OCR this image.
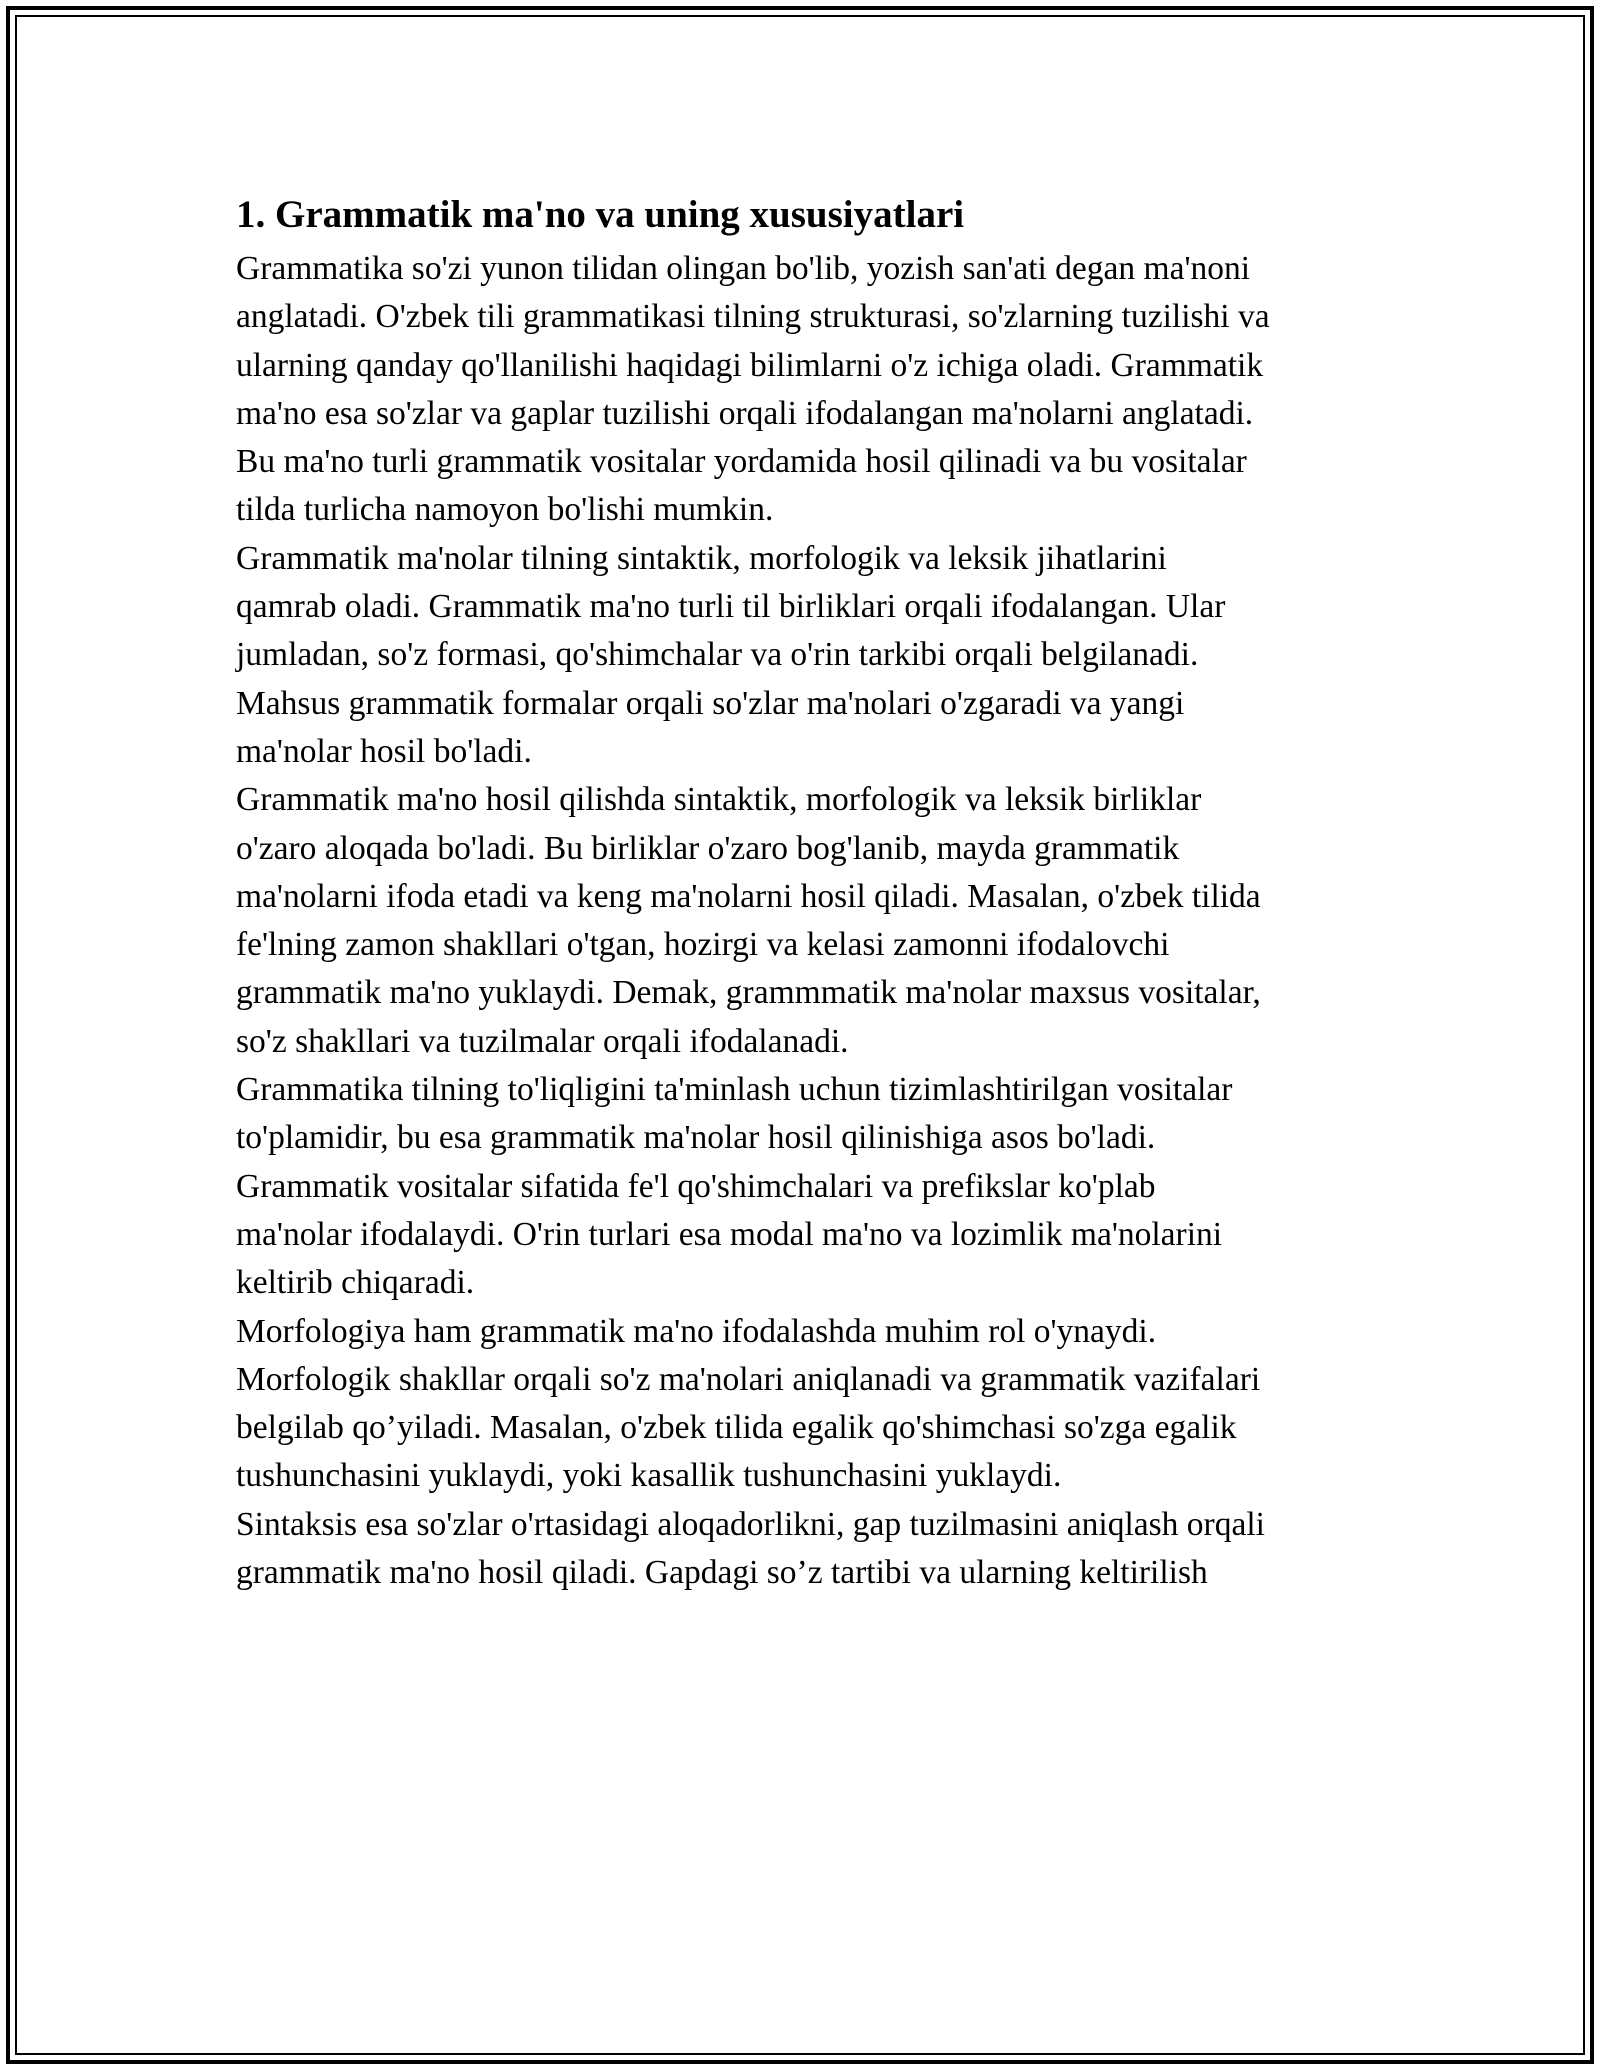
1. Grammatik ma'no va uning xususiyatlari

Grammatika so'zi yunon tilidan olingan bo'lib, yozish san'ati degan ma'noni
anglatadi. O'zbek tili grammatikasi tilning strukturasi, so'zlarning tuzilishi va
ularning qanday qo'llanilishi haqidagi bilimlarni o'z ichiga oladi. Grammatik
ma'no esa so'zlar va gaplar tuzilishi orqali ifodalangan ma'nolarni anglatadi.
Bu ma'no turli grammatik vositalar yordamida hosil qilinadi va bu vositalar
tilda turlicha namoyon bo'lishi mumkin.

Grammatik ma'nolar tilning sintaktik, morfologik va leksik jihatlarini
qamrab oladi. Grammatik ma'no turli til birliklari orqali ifodalangan. Ular
jumladan, so'z formasi, qo'shimchalar va o'rin tarkibi orqali belgilanadi.
Mahsus grammatik formalar orqali so'zlar ma'nolari o'zgaradi va yangi
ma'nolar hosil bo'ladi.

Grammatik ma'no hosil qilishda sintaktik, morfologik va leksik birliklar
o'zaro aloqada bo'ladi. Bu birliklar o'zaro bog'lanib, mayda grammatik
ma'nolarni ifoda etadi va keng ma'nolarni hosil qiladi. Masalan, o'zbek tilida
fe'lning zamon shakllari o'tgan, hozirgi va kelasi zamonni ifodalovchi
grammatik ma'no yuklaydi. Demak, grammmatik ma'nolar maxsus vositalar,
so'z shakllari va tuzilmalar orqali ifodalanadi.

Grammatika tilning to'liqligini ta'minlash uchun tizimlashtirilgan vositalar
to'plamidir, bu esa grammatik ma'nolar hosil qilinishiga asos bo'ladi.
Grammatik vositalar sifatida fe'l qo'shimchalari va prefikslar ko'plab
ma'nolar ifodalaydi. O'rin turlari esa modal ma'no va lozimlik ma'nolarini
keltirib chiqaradi.

Morfologiya ham grammatik ma'no ifodalashda muhim rol o'ynaydi.
Morfologik shakllar orqali so'z ma'nolari aniqlanadi va grammatik vazifalari
belgilab qo’yiladi. Masalan, o'zbek tilida egalik qo'shimchasi so'zga egalik
tushunchasini yuklaydi, yoki kasallik tushunchasini yuklaydi.

Sintaksis esa so'zlar o'rtasidagi aloqadorlikni, gap tuzilmasini aniqlash orqali
grammatik ma'no hosil qiladi. Gapdagi so’z tartibi va ularning keltirilish
